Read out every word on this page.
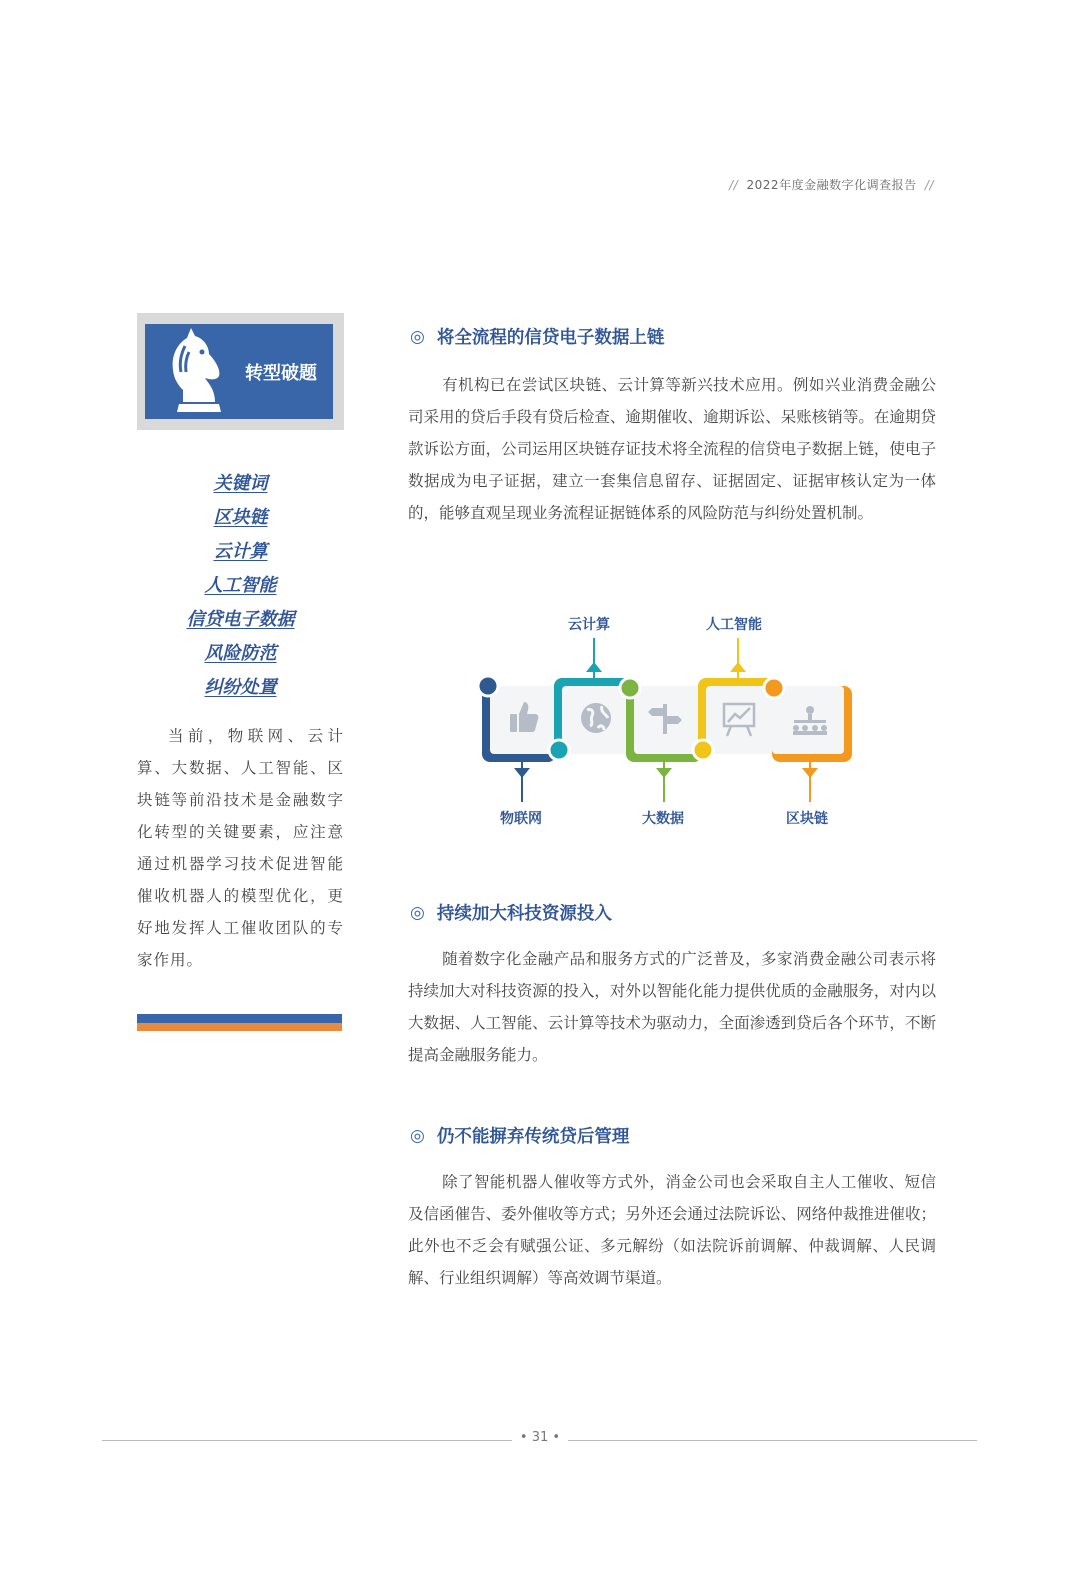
// 2022年度金融数字化调查报告 //
转型破题
关键词
区块链
云计算
人工智能
信贷电子数据
风险防范
纠纷处置
当前，物联网、云计算、大数据、人工智能、区块链等前沿技术是金融数字化转型的关键要素，应注意通过机器学习技术促进智能催收机器人的模型优化，更好地发挥人工催收团队的专家作用。
◎ 将全流程的信贷电子数据上链
有机构已在尝试区块链、云计算等新兴技术应用。例如兴业消费金融公司采用的贷后手段有贷后检查、逾期催收、逾期诉讼、呆账核销等。在逾期贷款诉讼方面，公司运用区块链存证技术将全流程的信贷电子数据上链，使电子数据成为电子证据，建立一套集信息留存、证据固定、证据审核认定为一体的，能够直观呈现业务流程证据链体系的风险防范与纠纷处置机制。
云计算	人工智能
物联网	大数据	区块链
◎ 持续加大科技资源投入
随着数字化金融产品和服务方式的广泛普及，多家消费金融公司表示将持续加大对科技资源的投入，对外以智能化能力提供优质的金融服务，对内以大数据、人工智能、云计算等技术为驱动力，全面渗透到贷后各个环节，不断提高金融服务能力。
◎ 仍不能摒弃传统贷后管理
除了智能机器人催收等方式外，消金公司也会采取自主人工催收、短信及信函催告、委外催收等方式；另外还会通过法院诉讼、网络仲裁推进催收；此外也不乏会有赋强公证、多元解纷（如法院诉前调解、仲裁调解、人民调解、行业组织调解）等高效调节渠道。
• 31 •
